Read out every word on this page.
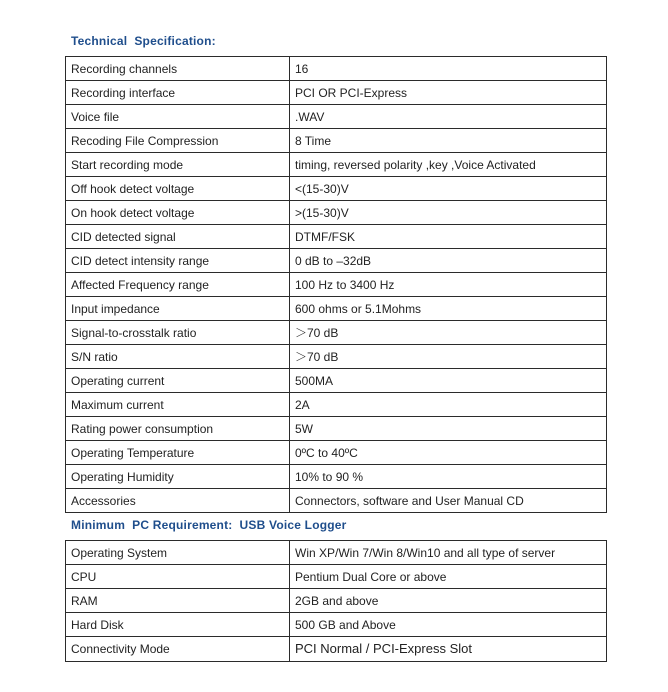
Technical  Specification:
Recording channels	16
Recording interface	PCI OR PCI-Express
Voice file	.WAV
Recoding File Compression	8 Time
Start recording mode	timing, reversed polarity ,key ,Voice Activated
Off hook detect voltage	<(15-30)V
On hook detect voltage	>(15-30)V
CID detected signal	DTMF/FSK
CID detect intensity range	0 dB to –32dB
Affected Frequency range	100 Hz to 3400 Hz
Input impedance	600 ohms or 5.1Mohms
Signal-to-crosstalk ratio	＞70 dB
S/N ratio	＞70 dB
Operating current	500MA
Maximum current	2A
Rating power consumption	5W
Operating Temperature	0ºC to 40ºC
Operating Humidity	10% to 90 %
Accessories	Connectors, software and User Manual CD
Minimum  PC Requirement:  USB Voice Logger
Operating System	Win XP/Win 7/Win 8/Win10 and all type of server
CPU	Pentium Dual Core or above
RAM	2GB and above
Hard Disk	500 GB and Above
Connectivity Mode	PCI Normal / PCI-Express Slot
